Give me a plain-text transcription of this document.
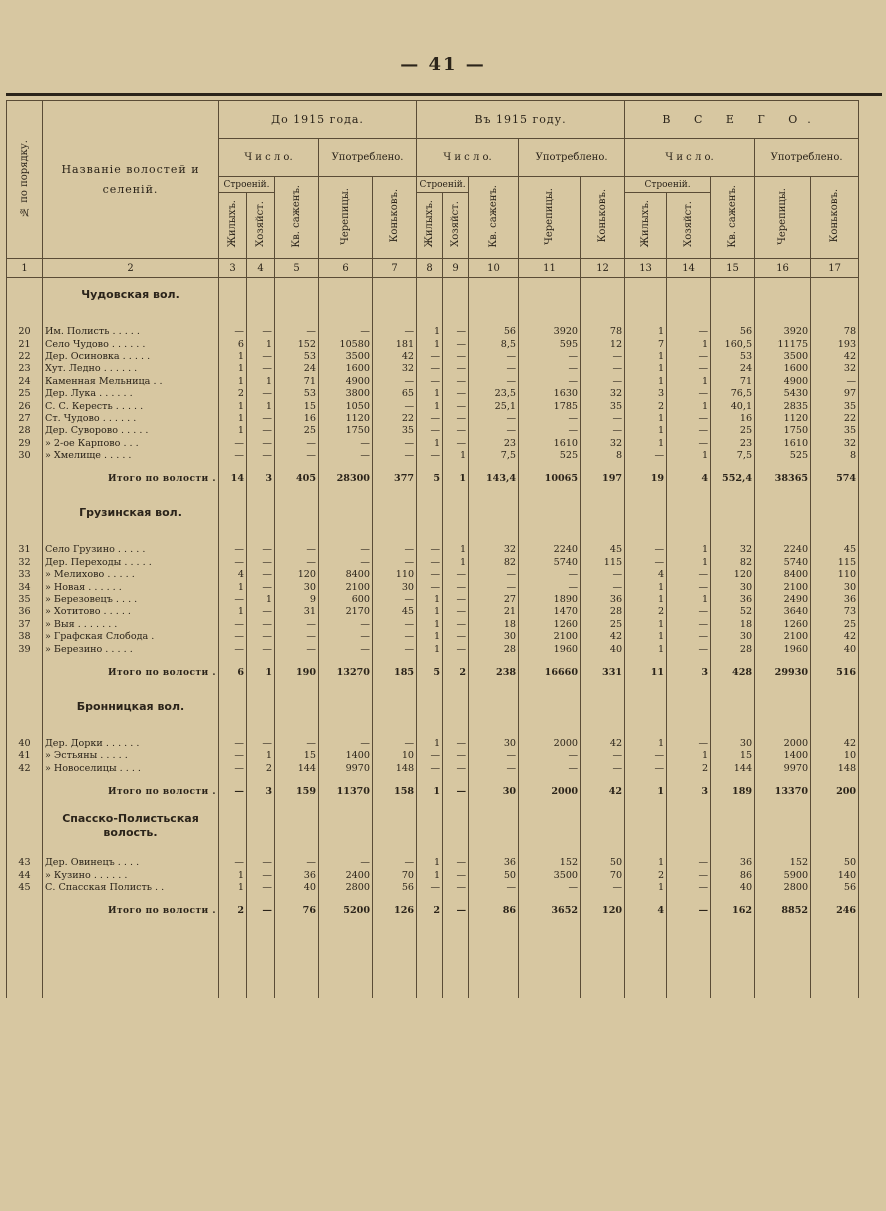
— 41 —
№ по порядку.	Названіе волостей и селеній.	До 1915 года.					Въ 1915 году.					В С Е Г О.				
		Ч и с л о.			Употреблено.		Ч и с л о.			Употреблено.		Ч и с л о.			Употреблено.	
		Строеній.		Кв. саженъ.	Черепицы.	Коньковъ.	Строеній.		Кв. саженъ.	Черепицы.	Коньковъ.	Строеній.		Кв. саженъ.	Черепицы.	Коньковъ.
		Жилыхъ.	Хозяйст.				Жилыхъ.	Хозяйст.				Жилыхъ.	Хозяйст.			
1	2	3	4	5	6	7	8	9	10	11	12	13	14	15	16	17
	Чудовская вол.															

20	Им. Полисть . . . . .	—	—	—	—	—	1	—	56	3920	78	1	—	56	3920	78
21	Село Чудово . . . . . .	6	1	152	10580	181	1	—	8,5	595	12	7	1	160,5	11175	193
22	Дер. Осиновка . . . . .	1	—	53	3500	42	—	—	—	—	—	1	—	53	3500	42
23	Хут. Ледно . . . . . .	1	—	24	1600	32	—	—	—	—	—	1	—	24	1600	32
24	Каменная Мельница . .	1	1	71	4900	—	—	—	—	—	—	1	1	71	4900	—
25	Дер. Лука . . . . . .	2	—	53	3800	65	1	—	23,5	1630	32	3	—	76,5	5430	97
26	С. С. Кересть . . . . .	1	1	15	1050	—	1	—	25,1	1785	35	2	1	40,1	2835	35
27	Ст. Чудово . . . . . .	1	—	16	1120	22	—	—	—	—	—	1	—	16	1120	22
28	Дер. Суворово . . . . .	1	—	25	1750	35	—	—	—	—	—	1	—	25	1750	35
29	» 2-ое Карпово . . .	—	—	—	—	—	1	—	23	1610	32	1	—	23	1610	32
30	» Хмелище . . . . .	—	—	—	—	—	—	1	7,5	525	8	—	1	7,5	525	8
	Итого по волости .	14	3	405	28300	377	5	1	143,4	10065	197	19	4	552,4	38365	574
	Грузинская вол.															

31	Село Грузино . . . . .	—	—	—	—	—	—	1	32	2240	45	—	1	32	2240	45
32	Дер. Переходы . . . . .	—	—	—	—	—	—	1	82	5740	115	—	1	82	5740	115
33	» Мелихово . . . . .	4	—	120	8400	110	—	—	—	—	—	4	—	120	8400	110
34	» Новая . . . . . .	1	—	30	2100	30	—	—	—	—	—	1	—	30	2100	30
35	» Березовецъ . . . .	—	1	9	600	—	1	—	27	1890	36	1	1	36	2490	36
36	» Хотитово . . . . .	1	—	31	2170	45	1	—	21	1470	28	2	—	52	3640	73
37	» Выя . . . . . . .	—	—	—	—	—	1	—	18	1260	25	1	—	18	1260	25
38	» Графская Слобода .	—	—	—	—	—	1	—	30	2100	42	1	—	30	2100	42
39	» Березино . . . . .	—	—	—	—	—	1	—	28	1960	40	1	—	28	1960	40
	Итого по волости .	6	1	190	13270	185	5	2	238	16660	331	11	3	428	29930	516
	Бронницкая вол.															

40	Дер. Дорки . . . . . .	—	—	—	—	—	1	—	30	2000	42	1	—	30	2000	42
41	» Эстьяны . . . . .	—	1	15	1400	10	—	—	—	—	—	—	1	15	1400	10
42	» Новоселицы . . . .	—	2	144	9970	148	—	—	—	—	—	—	2	144	9970	148
	Итого по волости .	—	3	159	11370	158	1	—	30	2000	42	1	3	189	13370	200
	Спасско-Полистьская волость.															

43	Дер. Овинецъ . . . .	—	—	—	—	—	1	—	36	152	50	1	—	36	152	50
44	» Кузино . . . . . .	1	—	36	2400	70	1	—	50	3500	70	2	—	86	5900	140
45	С. Спасская Полисть . .	1	—	40	2800	56	—	—	—	—	—	1	—	40	2800	56
	Итого по волости .	2	—	76	5200	126	2	—	86	3652	120	4	—	162	8852	246
